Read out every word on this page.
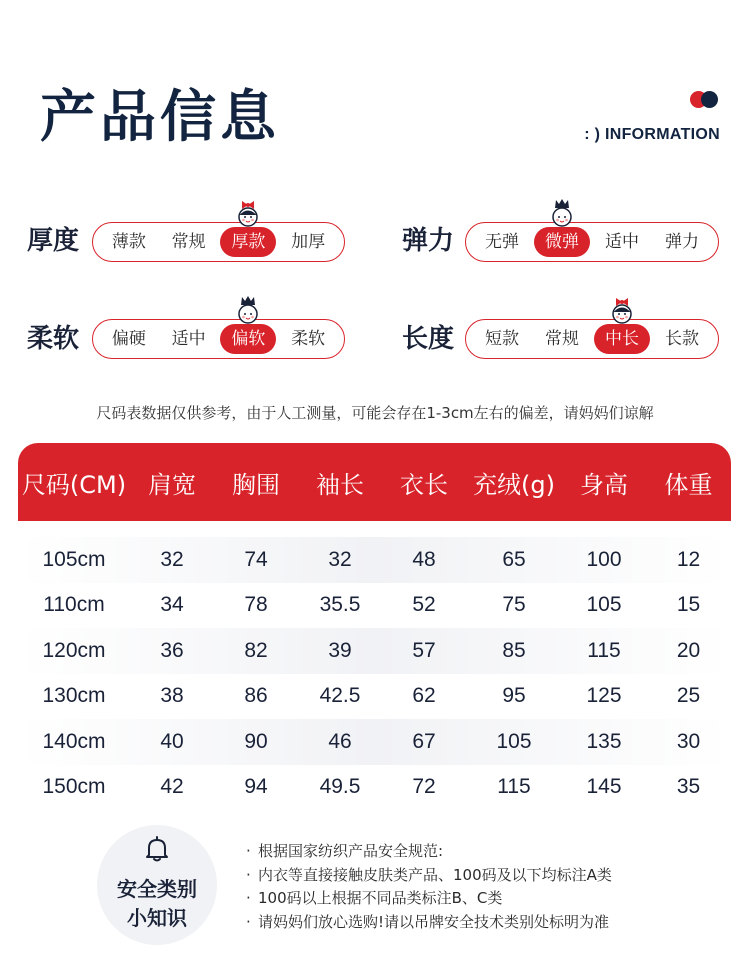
产品信息	: ) INFORMATION
厚度	薄款	常规	厚款	加厚	弹力	无弹	微弹	适中	弹力
柔软	偏硬	适中	偏软	柔软	长度	短款	常规	中长	长款
尺码表数据仅供参考，由于人工测量，可能会存在1-3cm左右的偏差，请妈妈们谅解
尺码(CM) 肩宽	胸围	袖长	衣长	充绒(g)	身高	体重
105cm	32	74	32	48	65	100	12
110cm	34	78	35.5	52	75	105	15
120cm	36	82	39	57	85	115	20
130cm	38	86	42.5	62	95	125	25
140cm	40	90	46	67	105	135	30
150cm	42	94	49.5	72	115	145	35
安全类别
小知识
· 根据国家纺织产品安全规范:
· 内衣等直接接触皮肤类产品、100码及以下均标注A类
· 100码以上根据不同品类标注B、C类
· 请妈妈们放心选购!请以吊牌安全技术类别处标明为准
